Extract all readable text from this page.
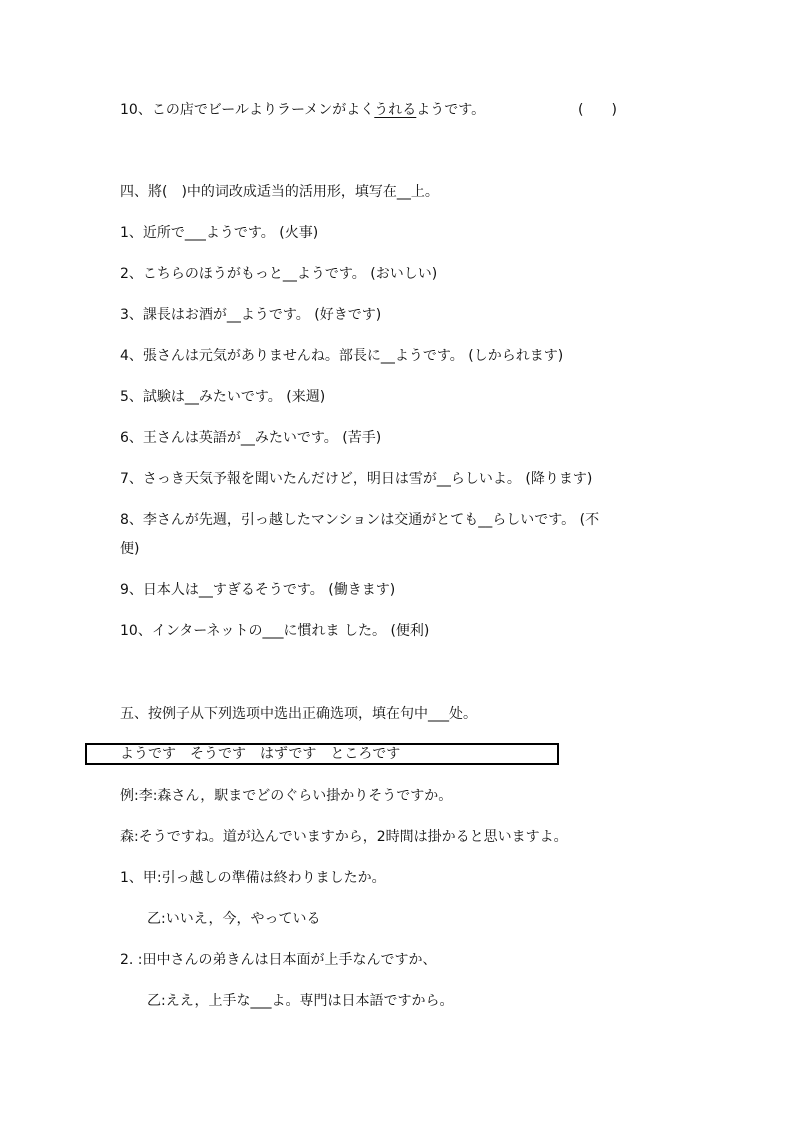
10、この店でビールよりラーメンがよくうれるようです。	(　　)
四、將(　)中的词改成适当的活用形，填写在__上。
1、近所で___ようです。 (火事)
2、こちらのほうがもっと__ようです。 (おいしい)
3、課長はお酒が__ようです。 (好きです)
4、張さんは元気がありませんね。部長に__ようです。 (しかられます)
5、試験は__みたいです。 (来週)
6、王さんは英語が__みたいです。 (苦手)
7、さっき天気予報を聞いたんだけど，明日は雪が__らしいよ。 (降ります)
8、李さんが先週，引っ越したマンションは交通がとても__らしいです。 (不
便)
9、日本人は__すぎるそうです。 (働きます)
10、インターネットの___に慣れま した。 (便利)
五、按例子从下列选项中选出正确选项，填在句中___处。
ようです　そうです　はずです　ところです
例:李:森さん，駅までどのぐらい掛かりそうですか。
森:そうですね。道が込んでいますから，2時間は掛かると思いますよ。
1、甲:引っ越しの準備は終わりましたか。
乙:いいえ，今，やっている
2. :田中さんの弟きんは日本面が上手なんですか、
乙:ええ，上手な___よ。専門は日本語ですから。
